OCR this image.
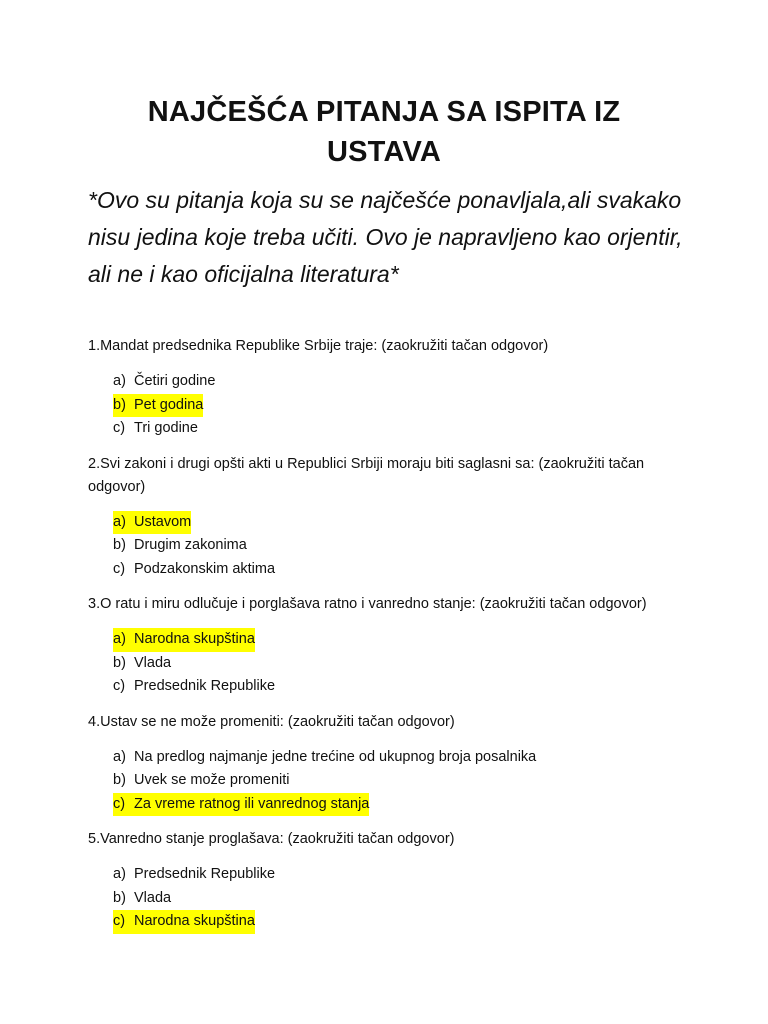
NAJČEŠĆA PITANJA SA ISPITA IZ USTAVA

*Ovo su pitanja koja su se najčešće ponavljala,ali svakako nisu jedina koje treba učiti. Ovo je napravljeno kao orjentir, ali ne i kao oficijalna literatura*

1.Mandat predsednika Republike Srbije traje: (zaokružiti tačan odgovor)

a) Četiri godine
b) Pet godina
c) Tri godine

2.Svi zakoni i drugi opšti akti u Republici Srbiji moraju biti saglasni sa: (zaokružiti tačan odgovor)

a) Ustavom
b) Drugim zakonima
c) Podzakonskim aktima

3.O ratu i miru odlučuje i porglašava ratno i vanredno stanje: (zaokružiti tačan odgovor)

a) Narodna skupština
b) Vlada
c) Predsednik Republike

4.Ustav se ne može promeniti: (zaokružiti tačan odgovor)

a) Na predlog najmanje jedne trećine od ukupnog broja posalnika
b) Uvek se može promeniti
c) Za vreme ratnog ili vanrednog stanja

5.Vanredno stanje proglašava: (zaokružiti tačan odgovor)

a) Predsednik Republike
b) Vlada
c) Narodna skupština
